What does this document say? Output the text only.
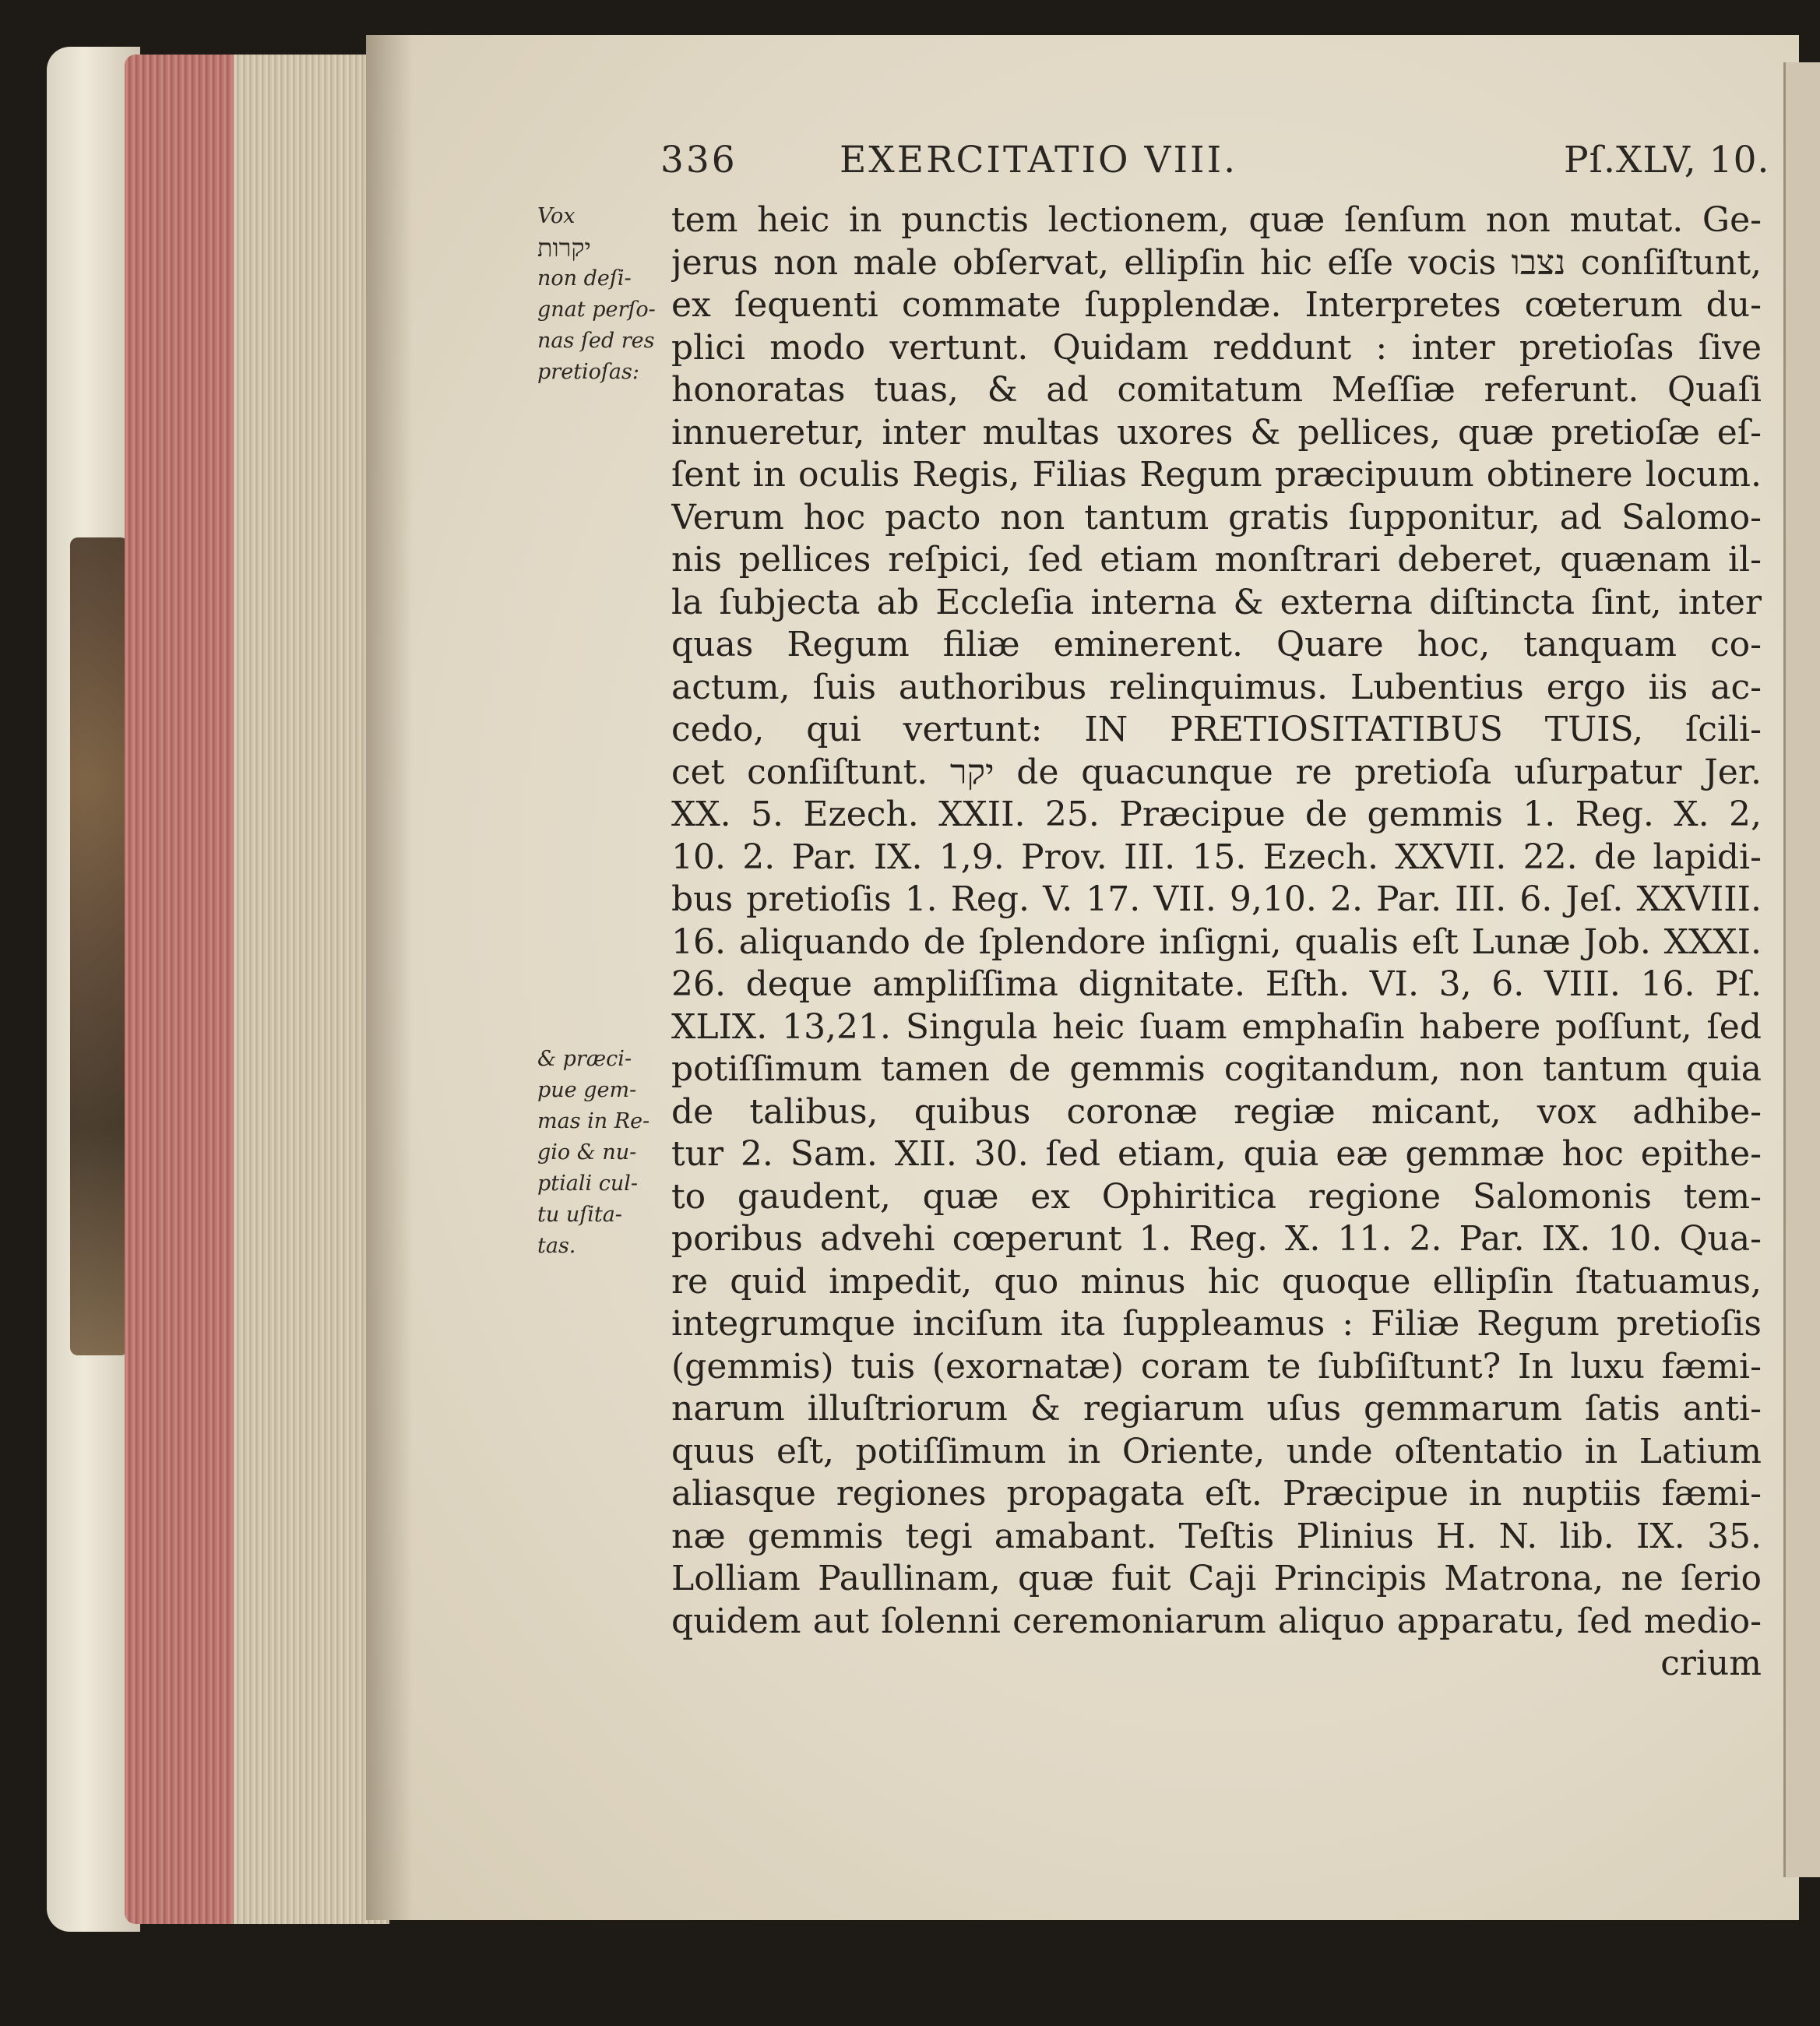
336	EXERCITATIO VIII.	Pſ.XLV, 10.
Vox
יקרות
non deſi-
gnat perſo-
nas ſed res
pretioſas:
& præci-
pue gem-
mas in Re-
gio & nu-
ptiali cul-
tu uſita-
tas.
tem heic in punctis lectionem, quæ ſenſum non mutat. Ge-
jerus non male obſervat, ellipſin hic eſſe vocis נצבו conſiſtunt,
ex ſequenti commate ſupplendæ. Interpretes cœterum du-
plici modo vertunt. Quidam reddunt : inter pretioſas ſive
honoratas tuas, & ad comitatum Meſſiæ referunt. Quaſi
innueretur, inter multas uxores & pellices, quæ pretioſæ eſ-
ſent in oculis Regis, Filias Regum præcipuum obtinere locum.
Verum hoc pacto non tantum gratis ſupponitur, ad Salomo-
nis pellices reſpici, ſed etiam monſtrari deberet, quænam il-
la ſubjecta ab Eccleſia interna & externa diſtincta ſint, inter
quas Regum filiæ eminerent. Quare hoc, tanquam co-
actum, ſuis authoribus relinquimus. Lubentius ergo iis ac-
cedo, qui vertunt: IN PRETIOSITATIBUS TUIS, ſcili-
cet conſiſtunt. יקר de quacunque re pretioſa uſurpatur Jer.
XX. 5. Ezech. XXII. 25. Præcipue de gemmis 1. Reg. X. 2,
10. 2. Par. IX. 1,9. Prov. III. 15. Ezech. XXVII. 22. de lapidi-
bus pretioſis 1. Reg. V. 17. VII. 9,10. 2. Par. III. 6. Jeſ. XXVIII.
16. aliquando de ſplendore inſigni, qualis eſt Lunæ Job. XXXI.
26. deque ampliſſima dignitate. Eſth. VI. 3, 6. VIII. 16. Pſ.
XLIX. 13,21. Singula heic ſuam emphaſin habere poſſunt, ſed
potiſſimum tamen de gemmis cogitandum, non tantum quia
de talibus, quibus coronæ regiæ micant, vox adhibe-
tur 2. Sam. XII. 30. ſed etiam, quia eæ gemmæ hoc epithe-
to gaudent, quæ ex Ophiritica regione Salomonis tem-
poribus advehi cœperunt 1. Reg. X. 11. 2. Par. IX. 10. Qua-
re quid impedit, quo minus hic quoque ellipſin ſtatuamus,
integrumque inciſum ita ſuppleamus : Filiæ Regum pretioſis
(gemmis) tuis (exornatæ) coram te ſubſiſtunt? In luxu fæmi-
narum illuſtriorum & regiarum uſus gemmarum ſatis anti-
quus eſt, potiſſimum in Oriente, unde oſtentatio in Latium
aliasque regiones propagata eſt. Præcipue in nuptiis fæmi-
næ gemmis tegi amabant. Teſtis Plinius H. N. lib. IX. 35.
Lolliam Paullinam, quæ fuit Caji Principis Matrona, ne ſerio
quidem aut ſolenni ceremoniarum aliquo apparatu, ſed medio-
crium
